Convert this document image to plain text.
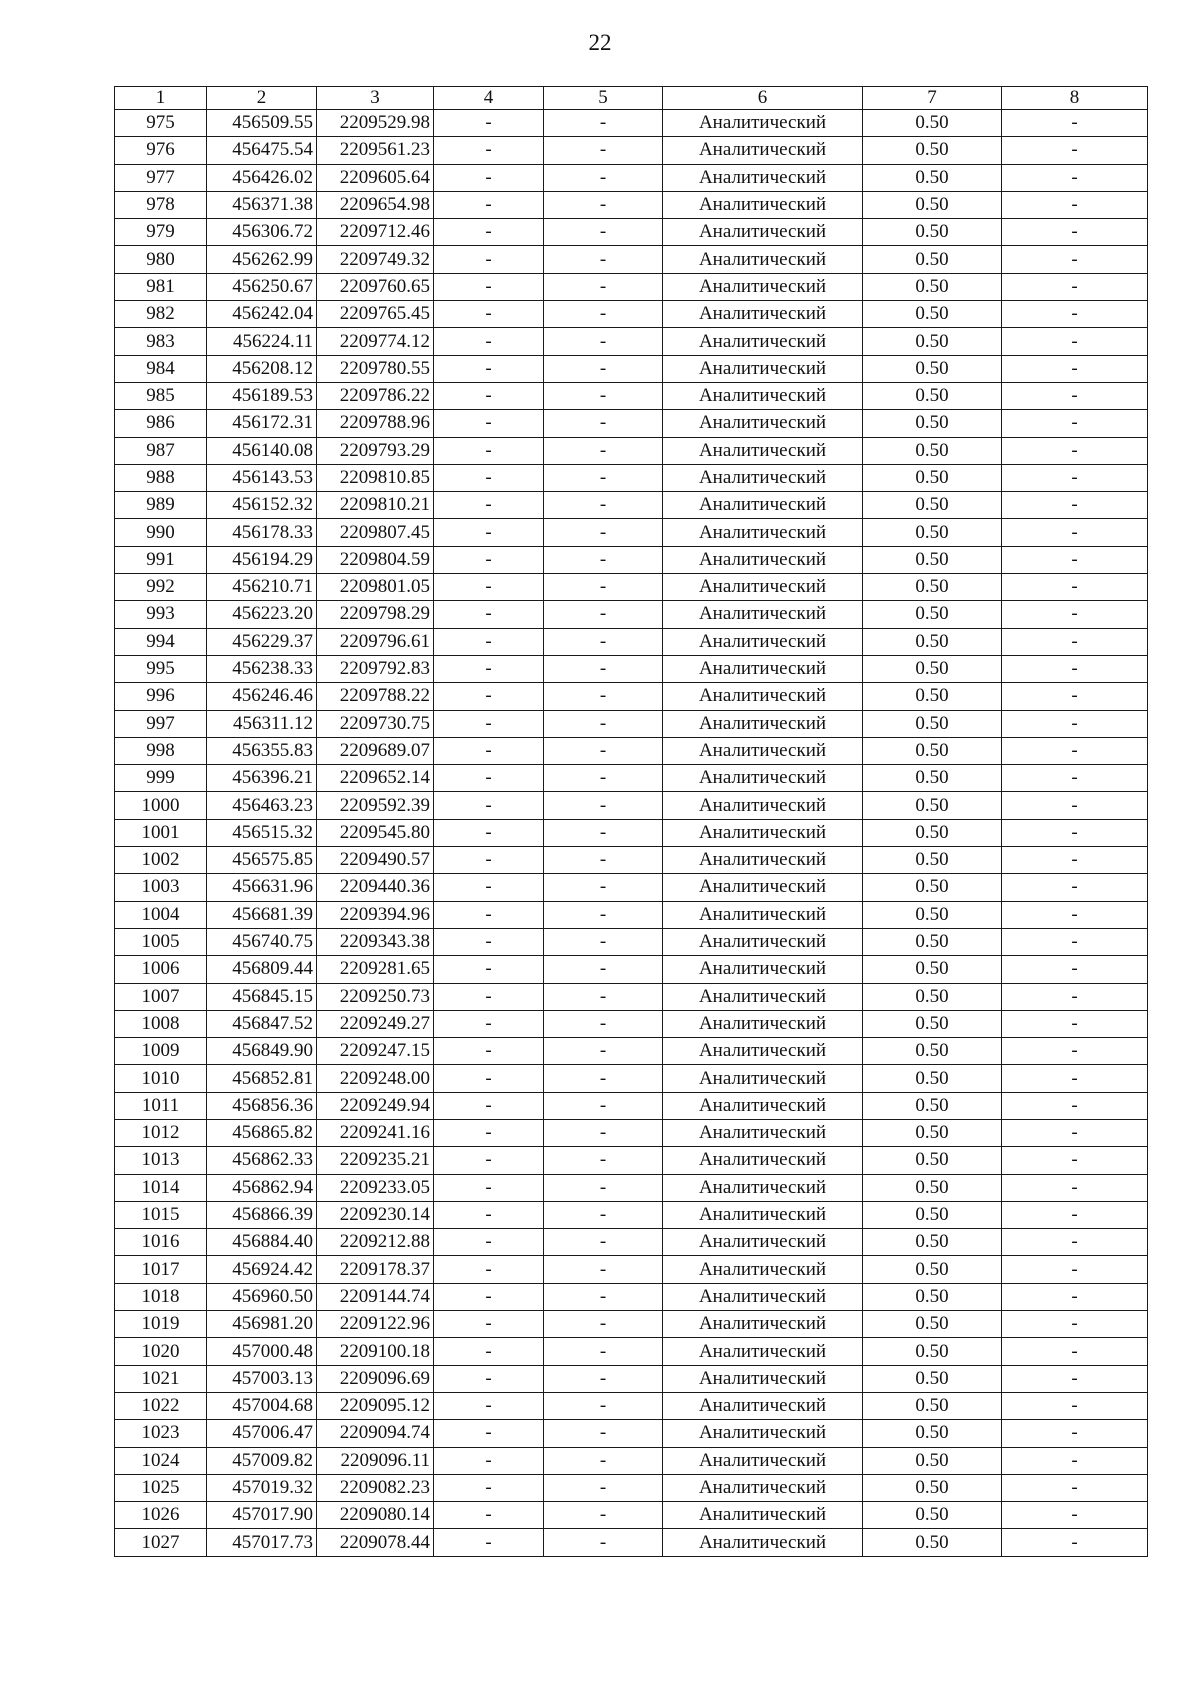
22
1	2	3	4	5	6	7	8
975	456509.55	2209529.98	-	-	Аналитический	0.50	-
976	456475.54	2209561.23	-	-	Аналитический	0.50	-
977	456426.02	2209605.64	-	-	Аналитический	0.50	-
978	456371.38	2209654.98	-	-	Аналитический	0.50	-
979	456306.72	2209712.46	-	-	Аналитический	0.50	-
980	456262.99	2209749.32	-	-	Аналитический	0.50	-
981	456250.67	2209760.65	-	-	Аналитический	0.50	-
982	456242.04	2209765.45	-	-	Аналитический	0.50	-
983	456224.11	2209774.12	-	-	Аналитический	0.50	-
984	456208.12	2209780.55	-	-	Аналитический	0.50	-
985	456189.53	2209786.22	-	-	Аналитический	0.50	-
986	456172.31	2209788.96	-	-	Аналитический	0.50	-
987	456140.08	2209793.29	-	-	Аналитический	0.50	-
988	456143.53	2209810.85	-	-	Аналитический	0.50	-
989	456152.32	2209810.21	-	-	Аналитический	0.50	-
990	456178.33	2209807.45	-	-	Аналитический	0.50	-
991	456194.29	2209804.59	-	-	Аналитический	0.50	-
992	456210.71	2209801.05	-	-	Аналитический	0.50	-
993	456223.20	2209798.29	-	-	Аналитический	0.50	-
994	456229.37	2209796.61	-	-	Аналитический	0.50	-
995	456238.33	2209792.83	-	-	Аналитический	0.50	-
996	456246.46	2209788.22	-	-	Аналитический	0.50	-
997	456311.12	2209730.75	-	-	Аналитический	0.50	-
998	456355.83	2209689.07	-	-	Аналитический	0.50	-
999	456396.21	2209652.14	-	-	Аналитический	0.50	-
1000	456463.23	2209592.39	-	-	Аналитический	0.50	-
1001	456515.32	2209545.80	-	-	Аналитический	0.50	-
1002	456575.85	2209490.57	-	-	Аналитический	0.50	-
1003	456631.96	2209440.36	-	-	Аналитический	0.50	-
1004	456681.39	2209394.96	-	-	Аналитический	0.50	-
1005	456740.75	2209343.38	-	-	Аналитический	0.50	-
1006	456809.44	2209281.65	-	-	Аналитический	0.50	-
1007	456845.15	2209250.73	-	-	Аналитический	0.50	-
1008	456847.52	2209249.27	-	-	Аналитический	0.50	-
1009	456849.90	2209247.15	-	-	Аналитический	0.50	-
1010	456852.81	2209248.00	-	-	Аналитический	0.50	-
1011	456856.36	2209249.94	-	-	Аналитический	0.50	-
1012	456865.82	2209241.16	-	-	Аналитический	0.50	-
1013	456862.33	2209235.21	-	-	Аналитический	0.50	-
1014	456862.94	2209233.05	-	-	Аналитический	0.50	-
1015	456866.39	2209230.14	-	-	Аналитический	0.50	-
1016	456884.40	2209212.88	-	-	Аналитический	0.50	-
1017	456924.42	2209178.37	-	-	Аналитический	0.50	-
1018	456960.50	2209144.74	-	-	Аналитический	0.50	-
1019	456981.20	2209122.96	-	-	Аналитический	0.50	-
1020	457000.48	2209100.18	-	-	Аналитический	0.50	-
1021	457003.13	2209096.69	-	-	Аналитический	0.50	-
1022	457004.68	2209095.12	-	-	Аналитический	0.50	-
1023	457006.47	2209094.74	-	-	Аналитический	0.50	-
1024	457009.82	2209096.11	-	-	Аналитический	0.50	-
1025	457019.32	2209082.23	-	-	Аналитический	0.50	-
1026	457017.90	2209080.14	-	-	Аналитический	0.50	-
1027	457017.73	2209078.44	-	-	Аналитический	0.50	-
